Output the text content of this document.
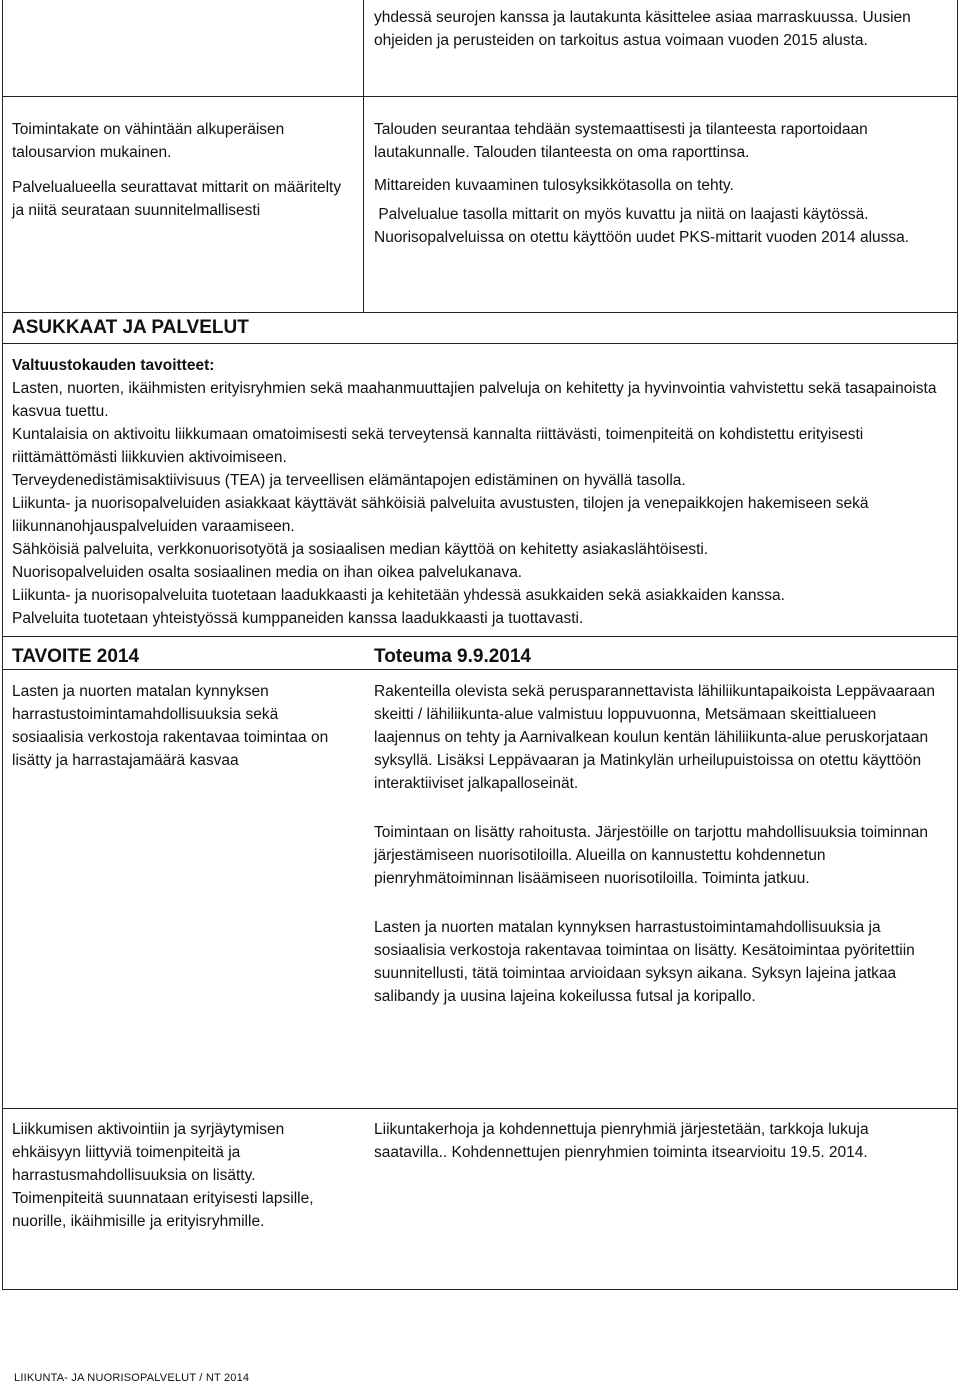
yhdessä seurojen kanssa ja lautakunta käsittelee asiaa marraskuussa. Uusien ohjeiden ja perusteiden on tarkoitus astua voimaan vuoden 2015 alusta.

Toimintakate on vähintään alkuperäisen talousarvion mukainen.

Palvelualueella seurattavat mittarit on määritelty ja niitä seurataan suunnitelmallisesti

Talouden seurantaa tehdään systemaattisesti ja tilanteesta raportoidaan lautakunnalle. Talouden tilanteesta on oma raporttinsa.

Mittareiden kuvaaminen tulosyksikkötasolla on tehty.

Palvelualue tasolla mittarit on myös kuvattu ja niitä on laajasti käytössä. Nuorisopalveluissa on otettu käyttöön uudet PKS-mittarit vuoden 2014 alussa.

ASUKKAAT JA PALVELUT

Valtuustokauden tavoitteet:

Lasten, nuorten, ikäihmisten erityisryhmien sekä maahanmuuttajien palveluja on kehitetty ja hyvinvointia vahvistettu sekä tasapainoista kasvua tuettu.

Kuntalaisia on aktivoitu liikkumaan omatoimisesti sekä terveytensä kannalta riittävästi, toimenpiteitä on kohdistettu erityisesti riittämättömästi liikkuvien aktivoimiseen.

Terveydenedistämisaktiivisuus (TEA) ja terveellisen elämäntapojen edistäminen on hyvällä tasolla.

Liikunta- ja nuorisopalveluiden asiakkaat käyttävät sähköisiä palveluita avustusten, tilojen ja venepaikkojen hakemiseen sekä liikunnanohjauspalveluiden varaamiseen.

Sähköisiä palveluita, verkkonuorisotyötä ja sosiaalisen median käyttöä on kehitetty asiakaslähtöisesti.

Nuorisopalveluiden osalta sosiaalinen media on ihan oikea palvelukanava.

Liikunta- ja nuorisopalveluita tuotetaan laadukkaasti ja kehitetään yhdessä asukkaiden sekä asiakkaiden kanssa.

Palveluita tuotetaan yhteistyössä kumppaneiden kanssa laadukkaasti ja tuottavasti.

TAVOITE 2014	Toteuma 9.9.2014

Lasten ja nuorten matalan kynnyksen harrastustoimintamahdollisuuksia sekä sosiaalisia verkostoja rakentavaa toimintaa on lisätty ja harrastajamäärä kasvaa

Rakenteilla olevista sekä perusparannettavista lähiliikuntapaikoista Leppävaaraan skeitti / lähiliikunta-alue valmistuu loppuvuonna, Metsämaan skeittialueen laajennus on tehty ja Aarnivalkean koulun kentän lähiliikunta-alue peruskorjataan syksyllä. Lisäksi Leppävaaran ja Matinkylän urheilupuistoissa on otettu käyttöön interaktiiviset jalkapalloseinät.

Toimintaan on lisätty rahoitusta. Järjestöille on tarjottu mahdollisuuksia toiminnan järjestämiseen nuorisotiloilla. Alueilla on kannustettu kohdennetun pienryhmätoiminnan lisäämiseen nuorisotiloilla. Toiminta jatkuu.

Lasten ja nuorten matalan kynnyksen harrastustoimintamahdollisuuksia ja sosiaalisia verkostoja rakentavaa toimintaa on lisätty. Kesätoimintaa pyöritettiin suunnitellusti, tätä toimintaa arvioidaan syksyn aikana. Syksyn lajeina jatkaa salibandy ja uusina lajeina kokeilussa futsal ja koripallo.

Liikkumisen aktivointiin ja syrjäytymisen ehkäisyyn liittyviä toimenpiteitä ja harrastusmahdollisuuksia on lisätty. Toimenpiteitä suunnataan erityisesti lapsille, nuorille, ikäihmisille ja erityisryhmille.

Liikuntakerhoja ja kohdennettuja pienryhmiä järjestetään, tarkkoja lukuja saatavilla.. Kohdennettujen pienryhmien toiminta itsearvioitu 19.5. 2014.

LIIKUNTA- JA NUORISOPALVELUT / NT 2014
